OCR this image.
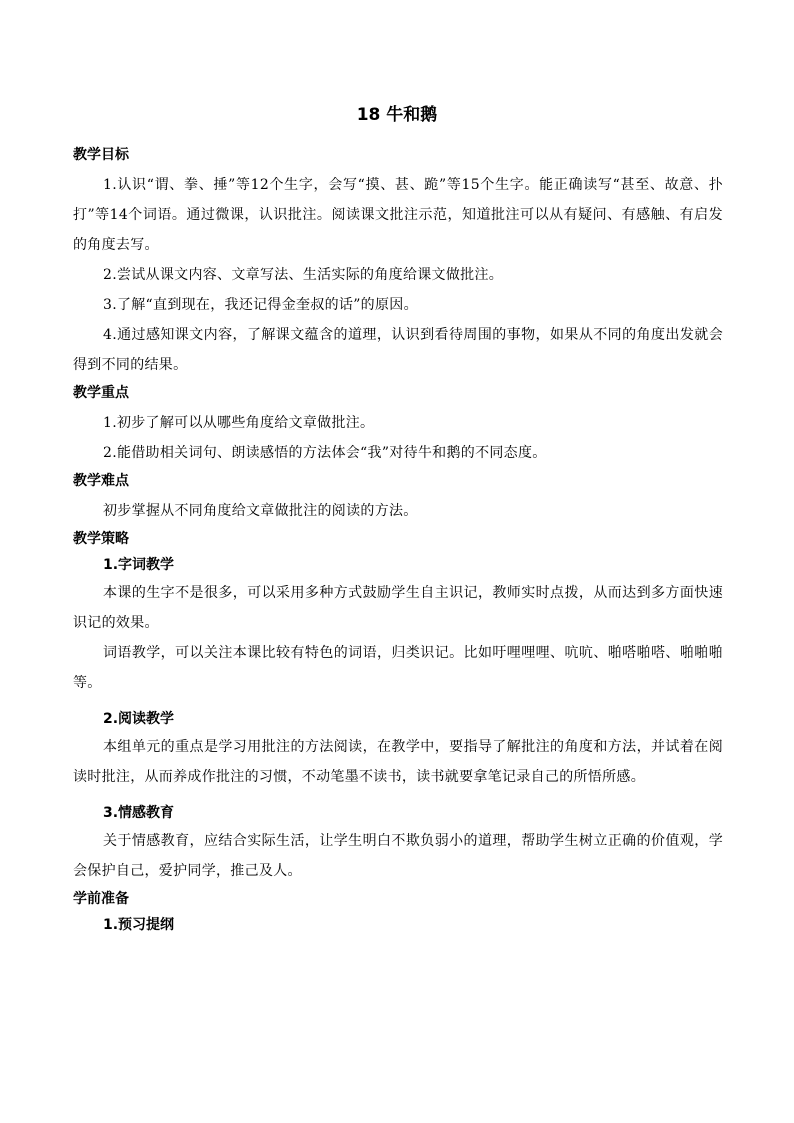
18 牛和鹅

教学目标

1.认识“谓、拳、捶”等12个生字，会写“摸、甚、跪”等15个生字。能正确读写“甚至、故意、扑打”等14个词语。通过微课，认识批注。阅读课文批注示范，知道批注可以从有疑问、有感触、有启发的角度去写。

2.尝试从课文内容、文章写法、生活实际的角度给课文做批注。

3.了解“直到现在，我还记得金奎叔的话”的原因。

4.通过感知课文内容，了解课文蕴含的道理，认识到看待周围的事物，如果从不同的角度出发就会得到不同的结果。

教学重点

1.初步了解可以从哪些角度给文章做批注。

2.能借助相关词句、朗读感悟的方法体会“我”对待牛和鹅的不同态度。

教学难点

初步掌握从不同角度给文章做批注的阅读的方法。

教学策略

1.字词教学

本课的生字不是很多，可以采用多种方式鼓励学生自主识记，教师实时点拨，从而达到多方面快速识记的效果。

词语教学，可以关注本课比较有特色的词语，归类识记。比如吁哩哩哩、吭吭、啪嗒啪嗒、啪啪啪等。

2.阅读教学

本组单元的重点是学习用批注的方法阅读，在教学中，要指导了解批注的角度和方法，并试着在阅读时批注，从而养成作批注的习惯，不动笔墨不读书，读书就要拿笔记录自己的所悟所感。

3.情感教育

关于情感教育，应结合实际生活，让学生明白不欺负弱小的道理，帮助学生树立正确的价值观，学会保护自己，爱护同学，推己及人。

学前准备

1.预习提纲
